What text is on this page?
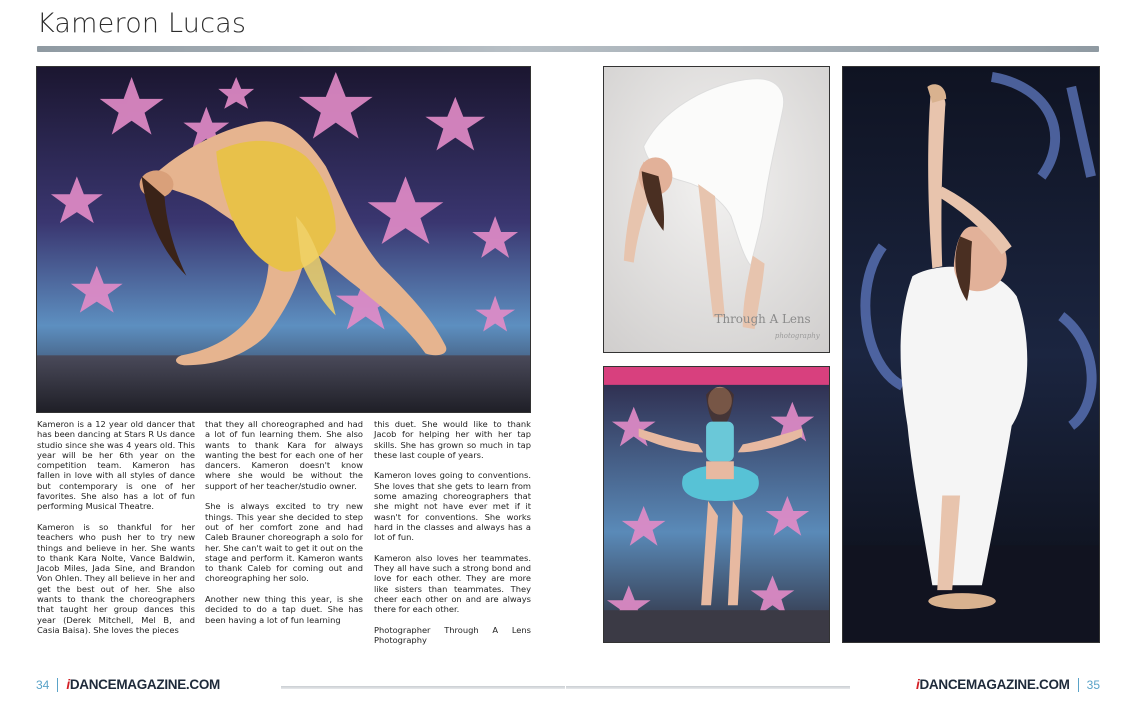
Kameron Lucas
Through A Lens
photography

Kameron is a 12 year old dancer that has been dancing at Stars R Us dance studio since she was 4 years old. This year will be her 6th year on the competition team. Kameron has fallen in love with all styles of dance but contemporary is one of her favorites. She also has a lot of fun performing Musical Theatre.

Kameron is so thankful for her teachers who push her to try new things and believe in her. She wants to thank Kara Nolte, Vance Baldwin, Jacob Miles, Jada Sine, and Brandon Von Ohlen. They all believe in her and get the best out of her. She also wants to thank the choreographers that taught her group dances this year (Derek Mitchell, Mel B, and Casia Baisa). She loves the pieces

that they all choreographed and had a lot of fun learning them. She also wants to thank Kara for always wanting the best for each one of her dancers. Kameron doesn't know where she would be without the support of her teacher/studio owner.

She is always excited to try new things. This year she decided to step out of her comfort zone and had Caleb Brauner choreograph a solo for her. She can't wait to get it out on the stage and perform it. Kameron wants to thank Caleb for coming out and choreographing her solo.

Another new thing this year, is she decided to do a tap duet. She has been having a lot of fun learning

this duet. She would like to thank Jacob for helping her with her tap skills. She has grown so much in tap these last couple of years.

Kameron loves going to conventions. She loves that she gets to learn from some amazing choreographers that she might not have ever met if it wasn't for conventions. She works hard in the classes and always has a lot of fun.

Kameron also loves her teammates. They all have such a strong bond and love for each other. They are more like sisters than teammates. They cheer each other on and are always there for each other.

Photographer Through A Lens Photography

34 iDANCEMAGAZINE.COM	iDANCEMAGAZINE.COM 35
